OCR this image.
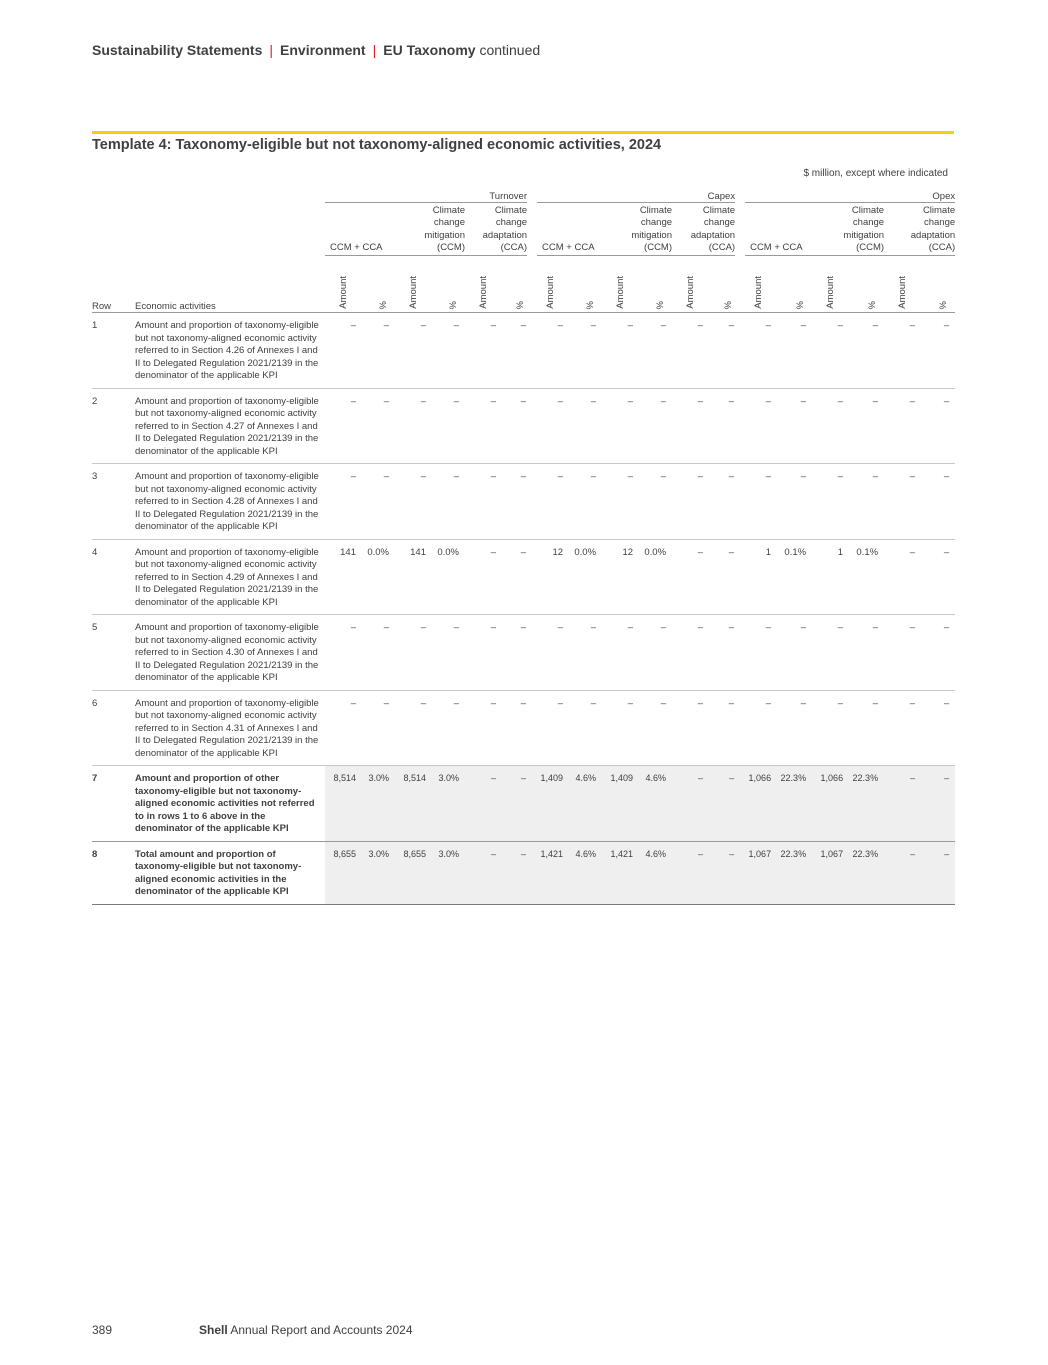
Sustainability Statements | Environment | EU Taxonomy continued
Template 4: Taxonomy-eligible but not taxonomy-aligned economic activities, 2024
$ million, except where indicated
		Turnover						Capex						Opex					
		CCM + CCA		Climate
change
mitigation
(CCM)		Climate
change
adaptation
(CCA)		CCM + CCA		Climate
change
mitigation
(CCM)		Climate
change
adaptation
(CCA)		CCM + CCA		Climate
change
mitigation
(CCM)		Climate
change
adaptation
(CCA)	
Row	Economic activities	Amount	%	Amount	%	Amount	%	Amount	%	Amount	%	Amount	%	Amount	%	Amount	%	Amount	%
1	Amount and proportion of taxonomy-eligible but not taxonomy-aligned economic activity referred to in Section 4.26 of Annexes I and II to Delegated Regulation 2021/2139 in the denominator of the applicable KPI	–	–	–	–	–	–	–	–	–	–	–	–	–	–	–	–	–	–
2	Amount and proportion of taxonomy-eligible but not taxonomy-aligned economic activity referred to in Section 4.27 of Annexes I and II to Delegated Regulation 2021/2139 in the denominator of the applicable KPI	–	–	–	–	–	–	–	–	–	–	–	–	–	–	–	–	–	–
3	Amount and proportion of taxonomy-eligible but not taxonomy-aligned economic activity referred to in Section 4.28 of Annexes I and II to Delegated Regulation 2021/2139 in the denominator of the applicable KPI	–	–	–	–	–	–	–	–	–	–	–	–	–	–	–	–	–	–
4	Amount and proportion of taxonomy-eligible but not taxonomy-aligned economic activity referred to in Section 4.29 of Annexes I and II to Delegated Regulation 2021/2139 in the denominator of the applicable KPI	141	0.0%	141	0.0%	–	–	12	0.0%	12	0.0%	–	–	1	0.1%	1	0.1%	–	–
5	Amount and proportion of taxonomy-eligible but not taxonomy-aligned economic activity referred to in Section 4.30 of Annexes I and II to Delegated Regulation 2021/2139 in the denominator of the applicable KPI	–	–	–	–	–	–	–	–	–	–	–	–	–	–	–	–	–	–
6	Amount and proportion of taxonomy-eligible but not taxonomy-aligned economic activity referred to in Section 4.31 of Annexes I and II to Delegated Regulation 2021/2139 in the denominator of the applicable KPI	–	–	–	–	–	–	–	–	–	–	–	–	–	–	–	–	–	–
7	Amount and proportion of other taxonomy-eligible but not taxonomy-aligned economic activities not referred to in rows 1 to 6 above in the denominator of the applicable KPI	8,514	3.0%	8,514	3.0%	–	–	1,409	4.6%	1,409	4.6%	–	–	1,066	22.3%	1,066	22.3%	–	–
8	Total amount and proportion of taxonomy-eligible but not taxonomy-aligned economic activities in the denominator of the applicable KPI	8,655	3.0%	8,655	3.0%	–	–	1,421	4.6%	1,421	4.6%	–	–	1,067	22.3%	1,067	22.3%	–	–
389	Shell Annual Report and Accounts 2024
